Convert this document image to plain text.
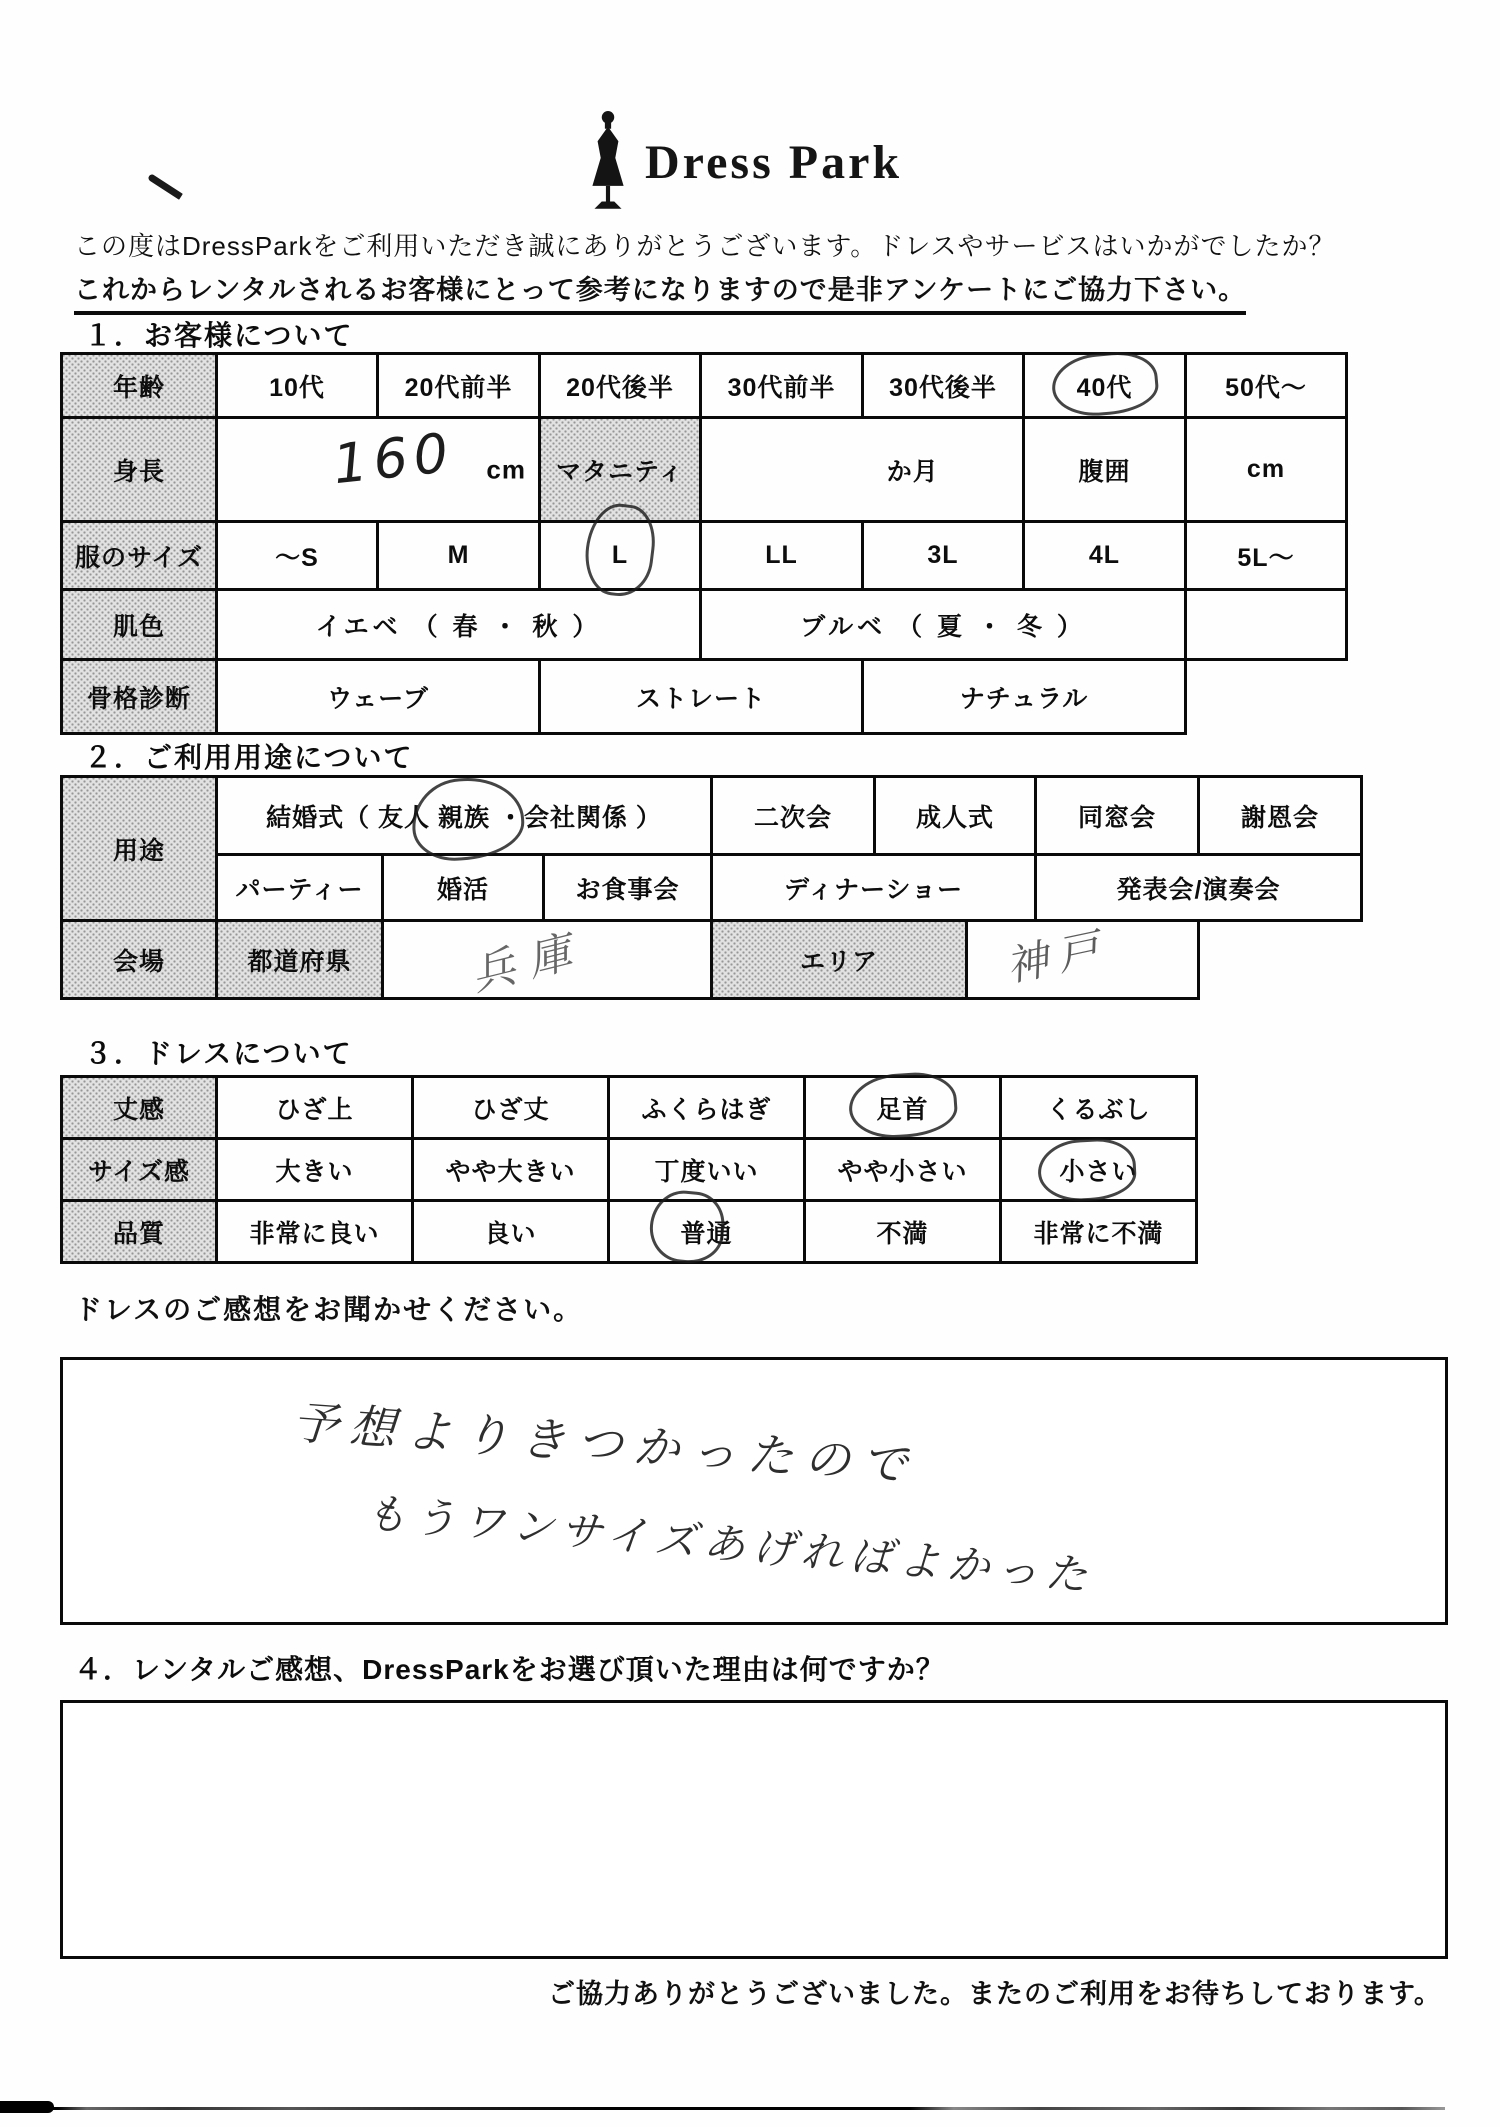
Dress Park
この度はDressParkをご利用いただき誠にありがとうございます。ドレスやサービスはいかがでしたか？
これからレンタルされるお客様にとって参考になりますので是非アンケートにご協力下さい。
１．お客様について
年齢	10代	20代前半	20代後半	30代前半	30代後半	40代	50代～
身長	160 cm		マタニティ	か月		腹囲	cm
服のサイズ	～S	M	L	LL	3L	4L	5L～
肌色	イエベ （ 春 ・ 秋 ）			ブルベ （ 夏 ・ 冬 ）			
骨格診断	ウェーブ		ストレート		ナチュラル		
２．ご利用用途について
用途	結婚式（ 友人 親族 ・会社関係 ）			二次会	成人式		同窓会	謝恩会
	パーティー	婚活	お食事会	ディナーショー			発表会/演奏会	
会場	都道府県	兵庫		エリア		神戸		

３．ドレスについて
丈感	ひざ上	ひざ丈	ふくらはぎ	足首	くるぶし
サイズ感	大きい	やや大きい	丁度いい	やや小さい	小さい
品質	非常に良い	良い	普通	不満	非常に不満
ドレスのご感想をお聞かせください。
予想よりきつかったので
もうワンサイズあげればよかった
４．レンタルご感想、DressParkをお選び頂いた理由は何ですか？
ご協力ありがとうございました。またのご利用をお待ちしております。
